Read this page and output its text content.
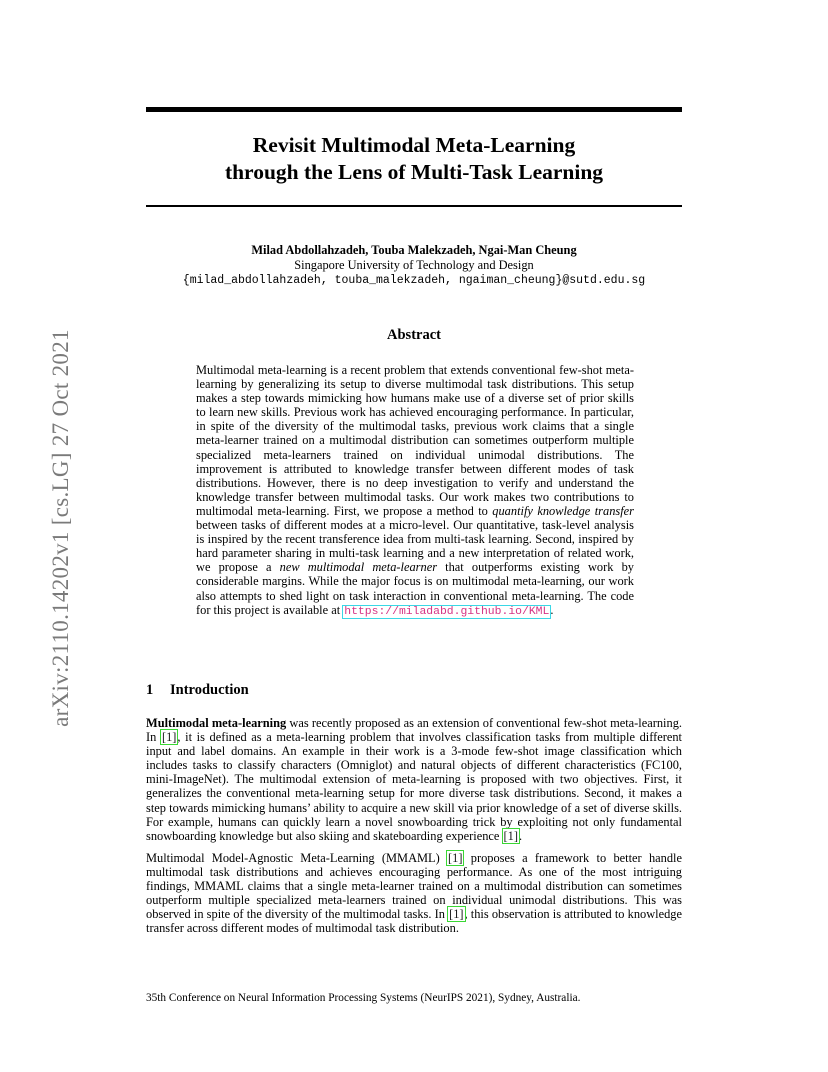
arXiv:2110.14202v1 [cs.LG] 27 Oct 2021
Revisit Multimodal Meta-Learning
through the Lens of Multi-Task Learning
Milad Abdollahzadeh, Touba Malekzadeh, Ngai-Man Cheung
Singapore University of Technology and Design
{milad_abdollahzadeh, touba_malekzadeh, ngaiman_cheung}@sutd.edu.sg
Abstract

Multimodal meta-learning is a recent problem that extends conventional few-shot meta-learning by generalizing its setup to diverse multimodal task distributions. This setup makes a step towards mimicking how humans make use of a diverse set of prior skills to learn new skills. Previous work has achieved encouraging performance. In particular, in spite of the diversity of the multimodal tasks, previous work claims that a single meta-learner trained on a multimodal distribution can sometimes outperform multiple specialized meta-learners trained on individual unimodal distributions. The improvement is attributed to knowledge transfer between different modes of task distributions. However, there is no deep investigation to verify and understand the knowledge transfer between multimodal tasks. Our work makes two contributions to multimodal meta-learning. First, we propose a method to quantify knowledge transfer between tasks of different modes at a micro-level. Our quantitative, task-level analysis is inspired by the recent transference idea from multi-task learning. Second, inspired by hard parameter sharing in multi-task learning and a new interpretation of related work, we propose a new multimodal meta-learner that outperforms existing work by considerable margins. While the major focus is on multimodal meta-learning, our work also attempts to shed light on task interaction in conventional meta-learning. The code for this project is available at https://miladabd.github.io/KML.

1 Introduction

Multimodal meta-learning was recently proposed as an extension of conventional few-shot meta-learning. In [1], it is defined as a meta-learning problem that involves classification tasks from multiple different input and label domains. An example in their work is a 3-mode few-shot image classification which includes tasks to classify characters (Omniglot) and natural objects of different characteristics (FC100, mini-ImageNet). The multimodal extension of meta-learning is proposed with two objectives. First, it generalizes the conventional meta-learning setup for more diverse task distributions. Second, it makes a step towards mimicking humans’ ability to acquire a new skill via prior knowledge of a set of diverse skills. For example, humans can quickly learn a novel snowboarding trick by exploiting not only fundamental snowboarding knowledge but also skiing and skateboarding experience [1].

Multimodal Model-Agnostic Meta-Learning (MMAML) [1] proposes a framework to better handle multimodal task distributions and achieves encouraging performance. As one of the most intriguing findings, MMAML claims that a single meta-learner trained on a multimodal distribution can sometimes outperform multiple specialized meta-learners trained on individual unimodal distributions. This was observed in spite of the diversity of the multimodal tasks. In [1], this observation is attributed to knowledge transfer across different modes of multimodal task distribution.

35th Conference on Neural Information Processing Systems (NeurIPS 2021), Sydney, Australia.
